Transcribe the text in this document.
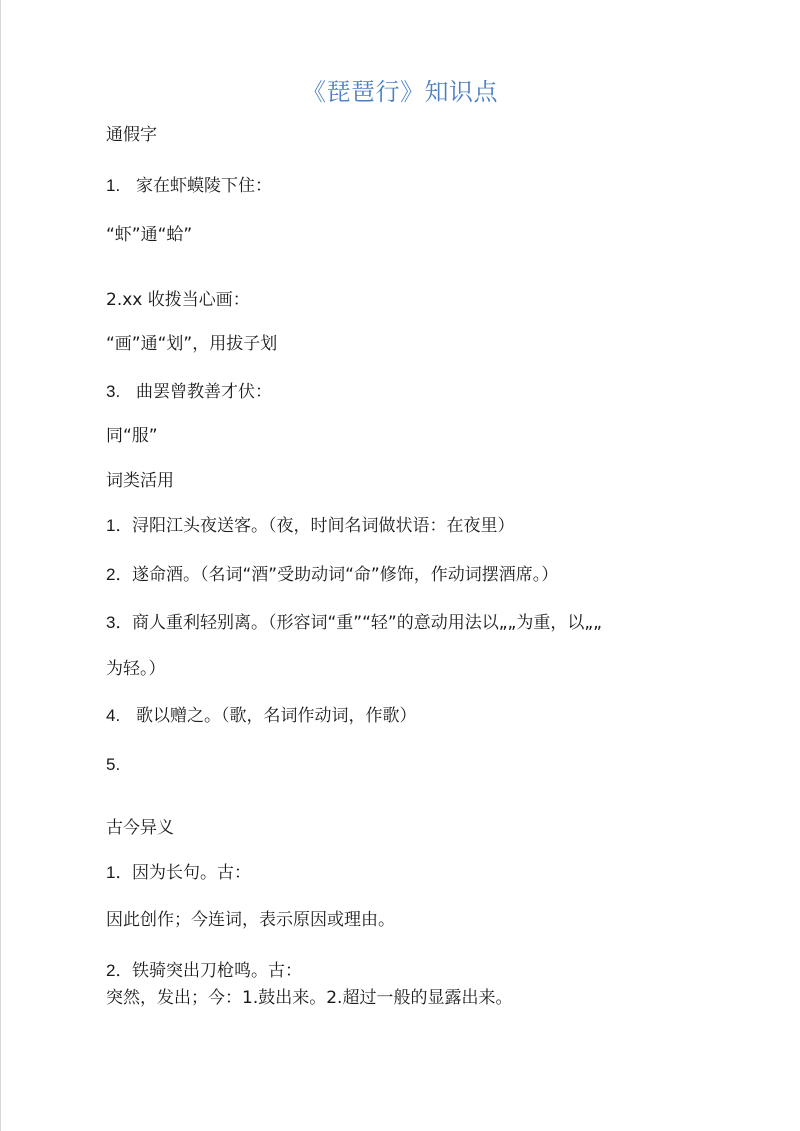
《琵琶行》知识点
通假字
1. 家在虾蟆陵下住：
“虾”通“蛤”
2.xx 收拨当心画：
“画”通“划”，用拔子划
3. 曲罢曾教善才伏：
同“服”
词类活用
1．浔阳江头夜送客。（夜，时间名词做状语：在夜里）
2．遂命酒。（名词“酒”受助动词“命”修饰，作动词摆酒席。）
3．商人重利轻别离。（形容词“重”“轻”的意动用法以„„为重，以„„
为轻。）
4. 歌以赠之。（歌，名词作动词，作歌）
5.
古今异义
1．因为长句。古：
因此创作；今连词，表示原因或理由。
2．铁骑突出刀枪鸣。古：
突然，发出；今：1.鼓出来。2.超过一般的显露出来。
